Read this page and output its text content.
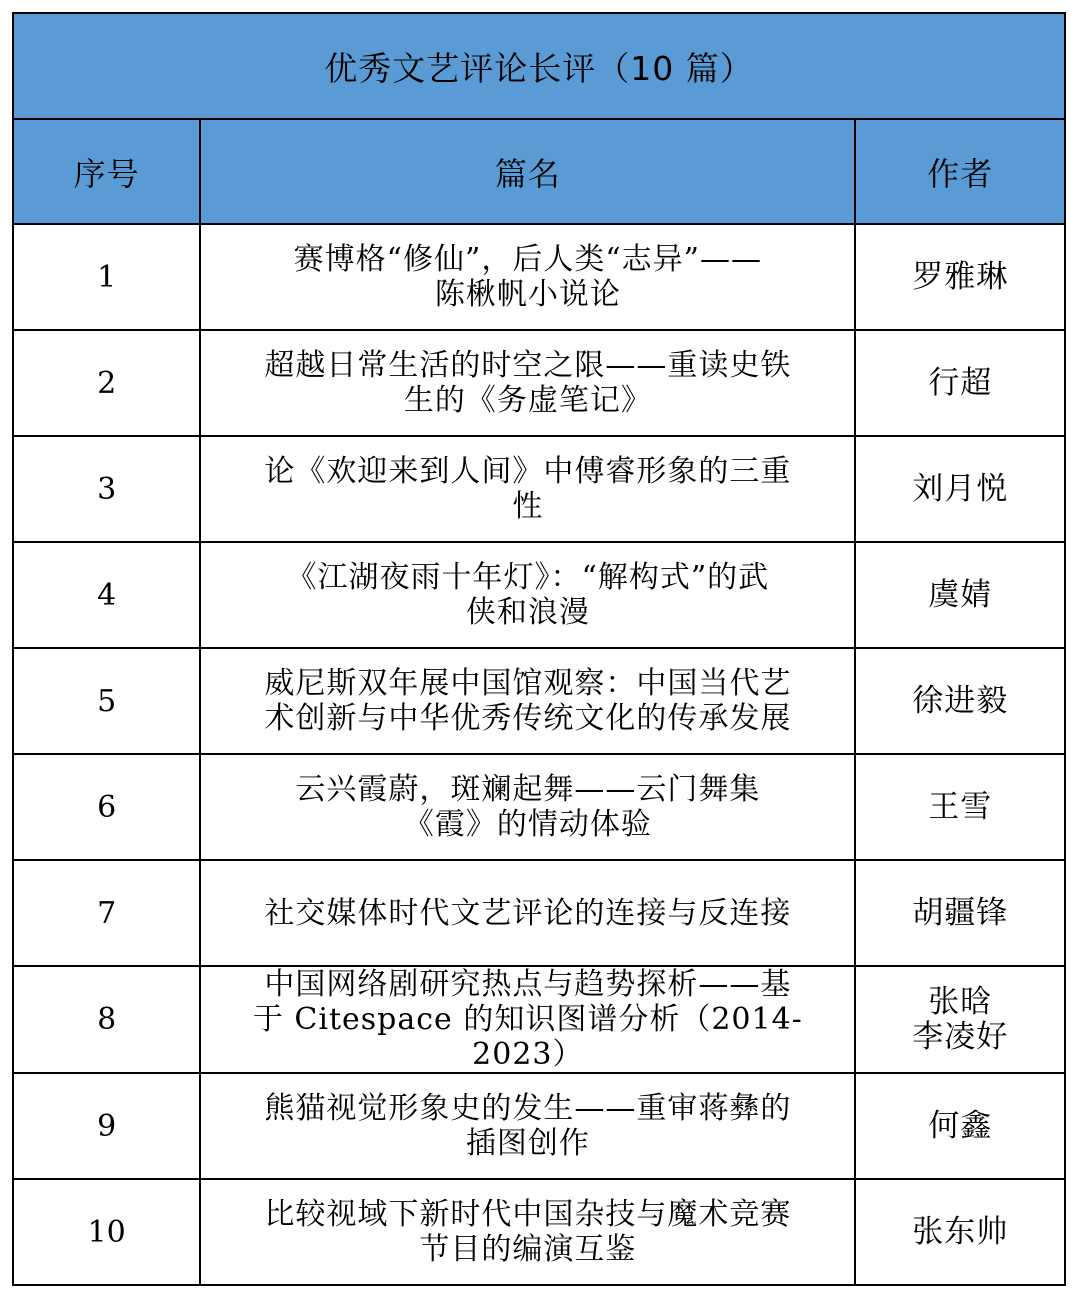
优秀文艺评论长评（10 篇）		
序号	篇名	作者
1	赛博格“修仙”，后人类“志异”——
陈楸帆小说论	罗雅琳

2	超越日常生活的时空之限——重读史铁
生的《务虚笔记》	行超

3	论《欢迎来到人间》中傅睿形象的三重
性	刘月悦

4	《江湖夜雨十年灯》：“解构式”的武
侠和浪漫	虞婧

5	威尼斯双年展中国馆观察：中国当代艺
术创新与中华优秀传统文化的传承发展	徐进毅

6	云兴霞蔚，斑斓起舞——云门舞集
《霞》的情动体验	王雪

7	社交媒体时代文艺评论的连接与反连接	胡疆锋

8	中国网络剧研究热点与趋势探析——基
于 Citespace 的知识图谱分析（2014-
2023）	张晗
李凌好

9	熊猫视觉形象史的发生——重审蒋彝的
插图创作	何鑫

10	比较视域下新时代中国杂技与魔术竞赛
节目的编演互鉴	张东帅
